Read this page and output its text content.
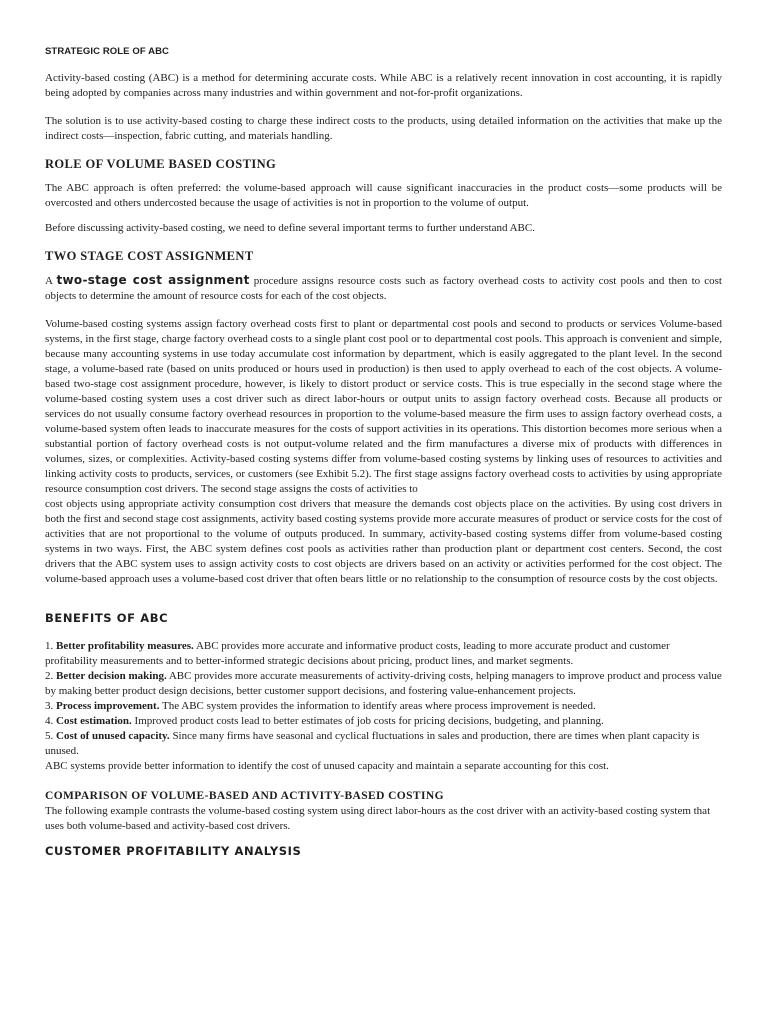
STRATEGIC ROLE OF ABC

Activity-based costing (ABC) is a method for determining accurate costs. While ABC is a relatively recent innovation in cost accounting, it is rapidly being adopted by companies across many industries and within government and not-for-profit organizations.

The solution is to use activity-based costing to charge these indirect costs to the products, using detailed information on the activities that make up the indirect costs—inspection, fabric cutting, and materials handling.

ROLE OF VOLUME BASED COSTING

The ABC approach is often preferred: the volume-based approach will cause significant inaccuracies in the product costs—some products will be overcosted and others undercosted because the usage of activities is not in proportion to the volume of output.

Before discussing activity-based costing, we need to define several important terms to further understand ABC.

TWO STAGE COST ASSIGNMENT

A two-stage cost assignment procedure assigns resource costs such as factory overhead costs to activity cost pools and then to cost objects to determine the amount of resource costs for each of the cost objects.

Volume-based costing systems assign factory overhead costs first to plant or departmental cost pools and second to products or services Volume-based systems, in the first stage, charge factory overhead costs to a single plant cost pool or to departmental cost pools. This approach is convenient and simple, because many accounting systems in use today accumulate cost information by department, which is easily aggregated to the plant level. In the second stage, a volume-based rate (based on units produced or hours used in production) is then used to apply overhead to each of the cost objects. A volume-based two-stage cost assignment procedure, however, is likely to distort product or service costs. This is true especially in the second stage where the volume-based costing system uses a cost driver such as direct labor-hours or output units to assign factory overhead costs. Because all products or services do not usually consume factory overhead resources in proportion to the volume-based measure the firm uses to assign factory overhead costs, a volume-based system often leads to inaccurate measures for the costs of support activities in its operations. This distortion becomes more serious when a substantial portion of factory overhead costs is not output-volume related and the firm manufactures a diverse mix of products with differences in volumes, sizes, or complexities. Activity-based costing systems differ from volume-based costing systems by linking uses of resources to activities and linking activity costs to products, services, or customers (see Exhibit 5.2). The first stage assigns factory overhead costs to activities by using appropriate resource consumption cost drivers. The second stage assigns the costs of activities to

cost objects using appropriate activity consumption cost drivers that measure the demands cost objects place on the activities. By using cost drivers in both the first and second stage cost assignments, activity based costing systems provide more accurate measures of product or service costs for the cost of activities that are not proportional to the volume of outputs produced. In summary, activity-based costing systems differ from volume-based costing systems in two ways. First, the ABC system defines cost pools as activities rather than production plant or department cost centers. Second, the cost drivers that the ABC system uses to assign activity costs to cost objects are drivers based on an activity or activities performed for the cost object. The volume-based approach uses a volume-based cost driver that often bears little or no relationship to the consumption of resource costs by the cost objects.

BENEFITS OF ABC
1. Better profitability measures. ABC provides more accurate and informative product costs, leading to more accurate product and customer profitability measurements and to better-informed strategic decisions about pricing, product lines, and market segments.
2. Better decision making. ABC provides more accurate measurements of activity-driving costs, helping managers to improve product and process value by making better product design decisions, better customer support decisions, and fostering value-enhancement projects.
3. Process improvement. The ABC system provides the information to identify areas where process improvement is needed.
4. Cost estimation. Improved product costs lead to better estimates of job costs for pricing decisions, budgeting, and planning.
5. Cost of unused capacity. Since many firms have seasonal and cyclical fluctuations in sales and production, there are times when plant capacity is unused.

ABC systems provide better information to identify the cost of unused capacity and maintain a separate accounting for this cost.

COMPARISON OF VOLUME-BASED AND ACTIVITY-BASED COSTING

The following example contrasts the volume-based costing system using direct labor-hours as the cost driver with an activity-based costing system that uses both volume-based and activity-based cost drivers.

CUSTOMER PROFITABILITY ANALYSIS
